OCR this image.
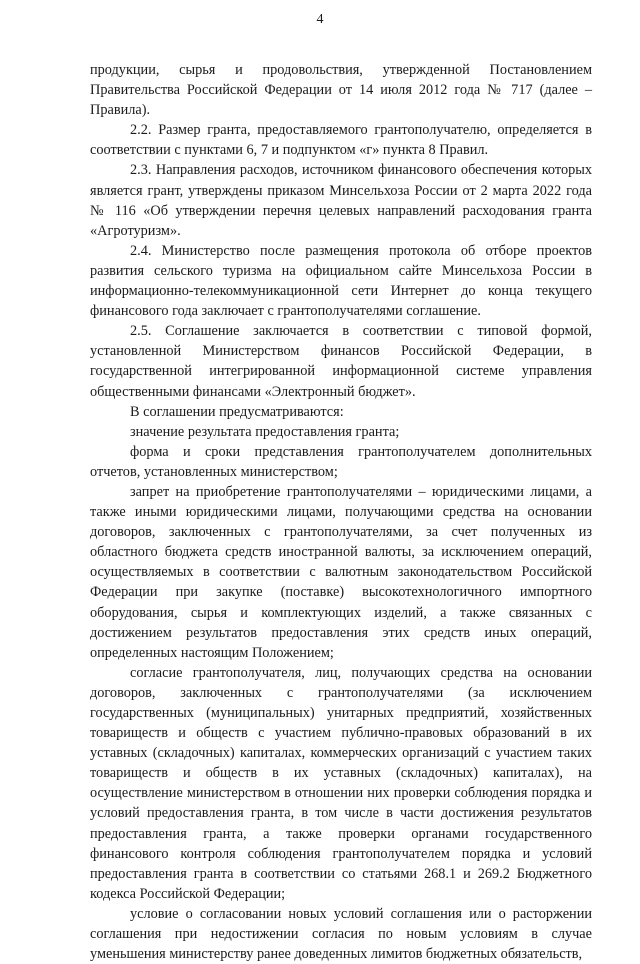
4

продукции, сырья и продовольствия, утвержденной Постановлением Правительства Российской Федерации от 14 июля 2012 года № 717 (далее – Правила).

2.2. Размер гранта, предоставляемого грантополучателю, определяется в соответствии с пунктами 6, 7 и подпунктом «г» пункта 8 Правил.

2.3. Направления расходов, источником финансового обеспечения которых является грант, утверждены приказом Минсельхоза России от 2 марта 2022 года № 116 «Об утверждении перечня целевых направлений расходования гранта «Агротуризм».

2.4. Министерство после размещения протокола об отборе проектов развития сельского туризма на официальном сайте Минсельхоза России в информационно-телекоммуникационной сети Интернет до конца текущего финансового года заключает с грантополучателями соглашение.

2.5. Соглашение заключается в соответствии с типовой формой, установленной Министерством финансов Российской Федерации, в государственной интегрированной информационной системе управления общественными финансами «Электронный бюджет».

В соглашении предусматриваются:

значение результата предоставления гранта;

форма и сроки представления грантополучателем дополнительных отчетов, установленных министерством;

запрет на приобретение грантополучателями – юридическими лицами, а также иными юридическими лицами, получающими средства на основании договоров, заключенных с грантополучателями, за счет полученных из областного бюджета средств иностранной валюты, за исключением операций, осуществляемых в соответствии с валютным законодательством Российской Федерации при закупке (поставке) высокотехнологичного импортного оборудования, сырья и комплектующих изделий, а также связанных с достижением результатов предоставления этих средств иных операций, определенных настоящим Положением;

согласие грантополучателя, лиц, получающих средства на основании договоров, заключенных с грантополучателями (за исключением государственных (муниципальных) унитарных предприятий, хозяйственных товариществ и обществ с участием публично-правовых образований в их уставных (складочных) капиталах, коммерческих организаций с участием таких товариществ и обществ в их уставных (складочных) капиталах), на осуществление министерством в отношении них проверки соблюдения порядка и условий предоставления гранта, в том числе в части достижения результатов предоставления гранта, а также проверки органами государственного финансового контроля соблюдения грантополучателем порядка и условий предоставления гранта в соответствии со статьями 268.1 и 269.2 Бюджетного кодекса Российской Федерации;

условие о согласовании новых условий соглашения или о расторжении соглашения при недостижении согласия по новым условиям в случае уменьшения министерству ранее доведенных лимитов бюджетных обязательств,
